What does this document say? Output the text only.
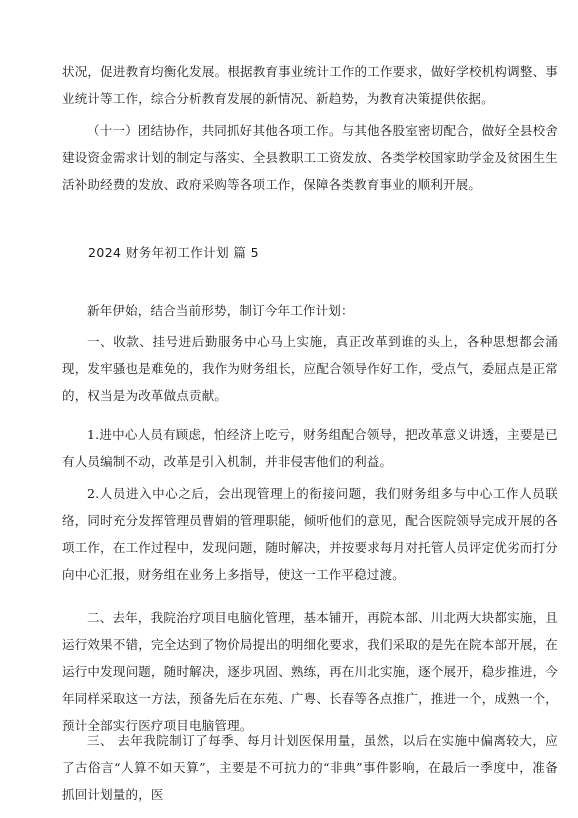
状况，促进教育均衡化发展。根据教育事业统计工作的工作要求，做好学校机构调整、事业统计等工作，综合分析教育发展的新情况、新趋势，为教育决策提供依据。

（十一）团结协作，共同抓好其他各项工作。与其他各股室密切配合，做好全县校舍建设资金需求计划的制定与落实、全县教职工工资发放、各类学校国家助学金及贫困生生活补助经费的发放、政府采购等各项工作，保障各类教育事业的顺利开展。

2024 财务年初工作计划 篇 5

新年伊始，结合当前形势，制订今年工作计划：

一、收款、挂号进后勤服务中心马上实施，真正改革到谁的头上，各种思想都会涌现，发牢骚也是难免的，我作为财务组长，应配合领导作好工作，受点气，委屈点是正常的，权当是为改革做点贡献。

1.进中心人员有顾虑，怕经济上吃亏，财务组配合领导，把改革意义讲透，主要是已有人员编制不动，改革是引入机制，并非侵害他们的利益。

2.人员进入中心之后，会出现管理上的衔接问题，我们财务组多与中心工作人员联络，同时充分发挥管理员曹娟的管理职能，倾听他们的意见，配合医院领导完成开展的各项工作，在工作过程中，发现问题，随时解决，并按要求每月对托管人员评定优劣而打分向中心汇报，财务组在业务上多指导，使这一工作平稳过渡。

二、去年，我院治疗项目电脑化管理，基本铺开，再院本部、川北两大块都实施，且运行效果不错，完全达到了物价局提出的明细化要求，我们采取的是先在院本部开展，在运行中发现问题，随时解决，逐步巩固、熟练，再在川北实施，逐个展开，稳步推进，今年同样采取这一方法，预备先后在东苑、广粤、长春等各点推广，推进一个，成熟一个，预计全部实行医疗项目电脑管理。

三、 去年我院制订了每季、每月计划医保用量，虽然，以后在实施中偏离较大，应了古俗言“人算不如天算”，主要是不可抗力的“非典”事件影响，在最后一季度中，准备抓回计划量的，医
